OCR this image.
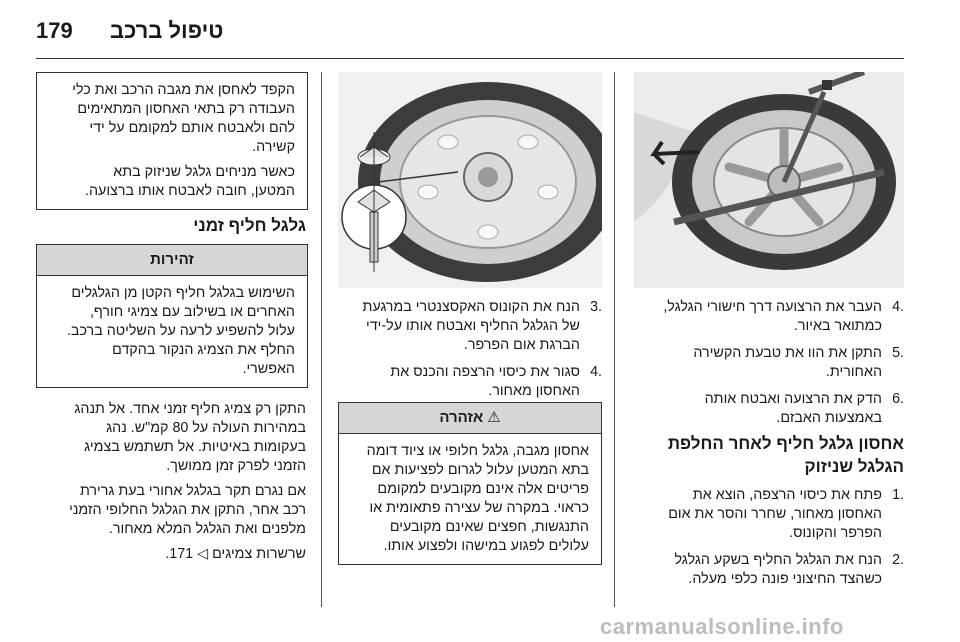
179 טיפול ברכב
.4
העבר את הרצועה דרך חישורי הגלגל,
כמתואר באיור.
.5
התקן את הוו את טבעת הקשירה
האחורית.
.6
הדק את הרצועה ואבטח אותה
באמצעות האבזם.
אחסון גלגל חליף לאחר החלפת
הגלגל שניזוק
.1
פתח את כיסוי הרצפה, הוצא את
האחסון מאחור, שחרר והסר את אום
הפרפר והקונוס.
.2
הנח את הגלגל החליף בשקע הגלגל
כשהצד החיצוני פונה כלפי מעלה.
.3
הנח את הקונוס האקסצנטרי במרגעת
של הגלגל החליף ואבטח אותו על-ידי
הברגת אום הפרפר.
.4
סגור את כיסוי הרצפה והכנס את
האחסון מאחור.
אזהרה ⚠
אחסון מגבה, גלגל חלופי או ציוד דומה
בתא המטען עלול לגרום לפציעות אם
פריטים אלה אינם מקובעים למקומם
כראוי. במקרה של עצירה פתאומית או
התנגשות, חפצים שאינם מקובעים
עלולים לפגוע במישהו ולפצוע אותו.
הקפד לאחסן את מגבה הרכב ואת כלי
העבודה רק בתאי האחסון המתאימים
להם ולאבטח אותם למקומם על ידי
קשירה.
כאשר מניחים גלגל שניזוק בתא
המטען, חובה לאבטח אותו ברצועה.
גלגל חליף זמני
זהירות
השימוש בגלגל חליף הקטן מן הגלגלים
האחרים או בשילוב עם צמיגי חורף,
עלול להשפיע לרעה על השליטה ברכב.
החלף את הצמיג הנקור בהקדם
האפשרי.
התקן רק צמיג חליף זמני אחד. אל תנהג
במהירות העולה על 80 קמ"ש. נהג
בעקומות באיטיות. אל תשתמש בצמיג
הזמני לפרק זמן ממושך.
אם נגרם תקר בגלגל אחורי בעת גרירת
רכב אחר, התקן את הגלגל החלופי הזמני
מלפנים ואת הגלגל המלא מאחור.
שרשרות צמיגים ◁ 171.
carmanualsonline.info
